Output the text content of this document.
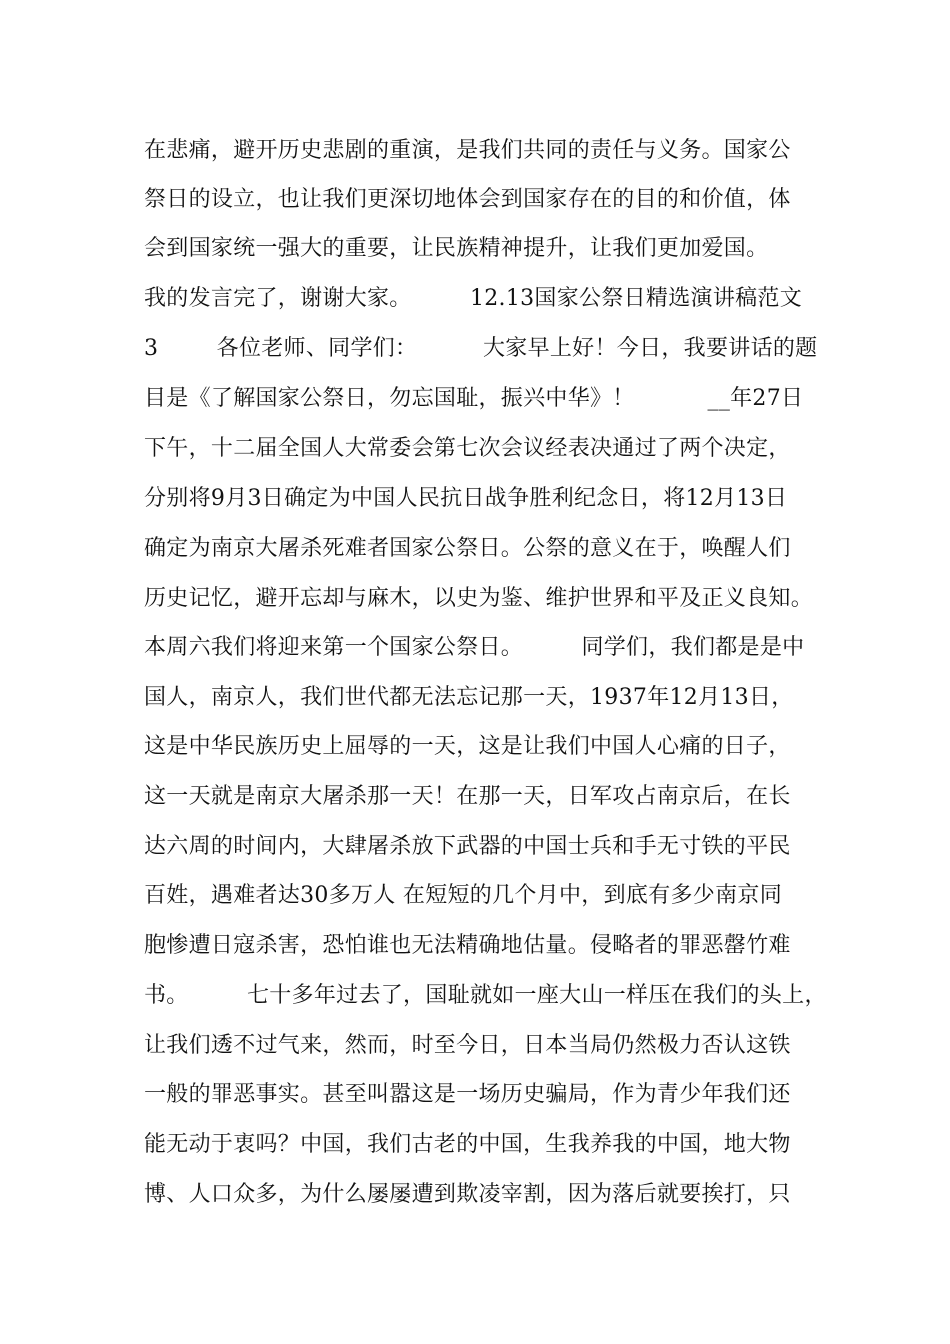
在悲痛，避开历史悲剧的重演，是我们共同的责任与义务。国家公
祭日的设立，也让我们更深切地体会到国家存在的目的和价值，体
会到国家统一强大的重要，让民族精神提升，让我们更加爱国。
我的发言完了，谢谢大家。        12.13国家公祭日精选演讲稿范文
3        各位老师、同学们：         大家早上好！今日，我要讲话的题
目是《了解国家公祭日，勿忘国耻，振兴中华》！          __年27日
下午，十二届全国人大常委会第七次会议经表决通过了两个决定，
分别将9月3日确定为中国人民抗日战争胜利纪念日，将12月13日
确定为南京大屠杀死难者国家公祭日。公祭的意义在于，唤醒人们
历史记忆，避开忘却与麻木，以史为鉴、维护世界和平及正义良知。
本周六我们将迎来第一个国家公祭日。        同学们，我们都是是中
国人，南京人，我们世代都无法忘记那一天，1937年12月13日，
这是中华民族历史上屈辱的一天，这是让我们中国人心痛的日子，
这一天就是南京大屠杀那一天！在那一天，日军攻占南京后，在长
达六周的时间内，大肆屠杀放下武器的中国士兵和手无寸铁的平民
百姓，遇难者达30多万人 在短短的几个月中，到底有多少南京同
胞惨遭日寇杀害，恐怕谁也无法精确地估量。侵略者的罪恶罄竹难
书。        七十多年过去了，国耻就如一座大山一样压在我们的头上，
让我们透不过气来，然而，时至今日，日本当局仍然极力否认这铁
一般的罪恶事实。甚至叫嚣这是一场历史骗局，作为青少年我们还
能无动于衷吗？中国，我们古老的中国，生我养我的中国，地大物
博、人口众多，为什么屡屡遭到欺凌宰割，因为落后就要挨打，只
